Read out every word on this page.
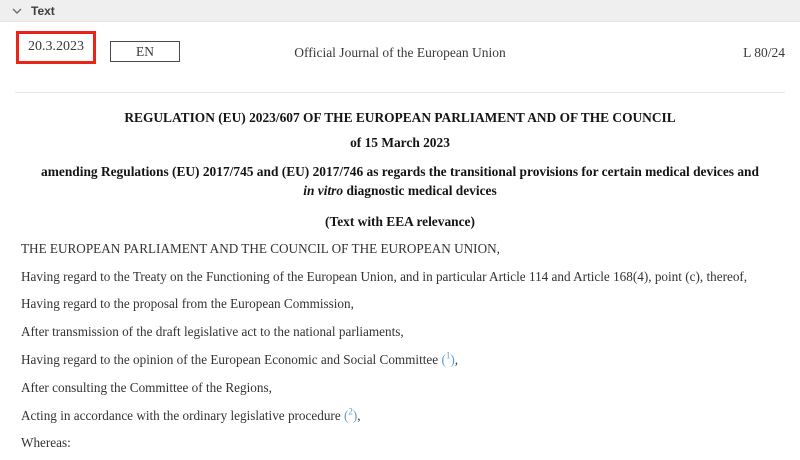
Text
20.3.2023	EN	Official Journal of the European Union	L 80/24
REGULATION (EU) 2023/607 OF THE EUROPEAN PARLIAMENT AND OF THE COUNCIL
of 15 March 2023
amending Regulations (EU) 2017/745 and (EU) 2017/746 as regards the transitional provisions for certain medical devices and in vitro diagnostic medical devices
(Text with EEA relevance)

THE EUROPEAN PARLIAMENT AND THE COUNCIL OF THE EUROPEAN UNION,

Having regard to the Treaty on the Functioning of the European Union, and in particular Article 114 and Article 168(4), point (c), thereof,

Having regard to the proposal from the European Commission,

After transmission of the draft legislative act to the national parliaments,

Having regard to the opinion of the European Economic and Social Committee ($^1$),

After consulting the Committee of the Regions,

Acting in accordance with the ordinary legislative procedure ($^2$),

Whereas:
